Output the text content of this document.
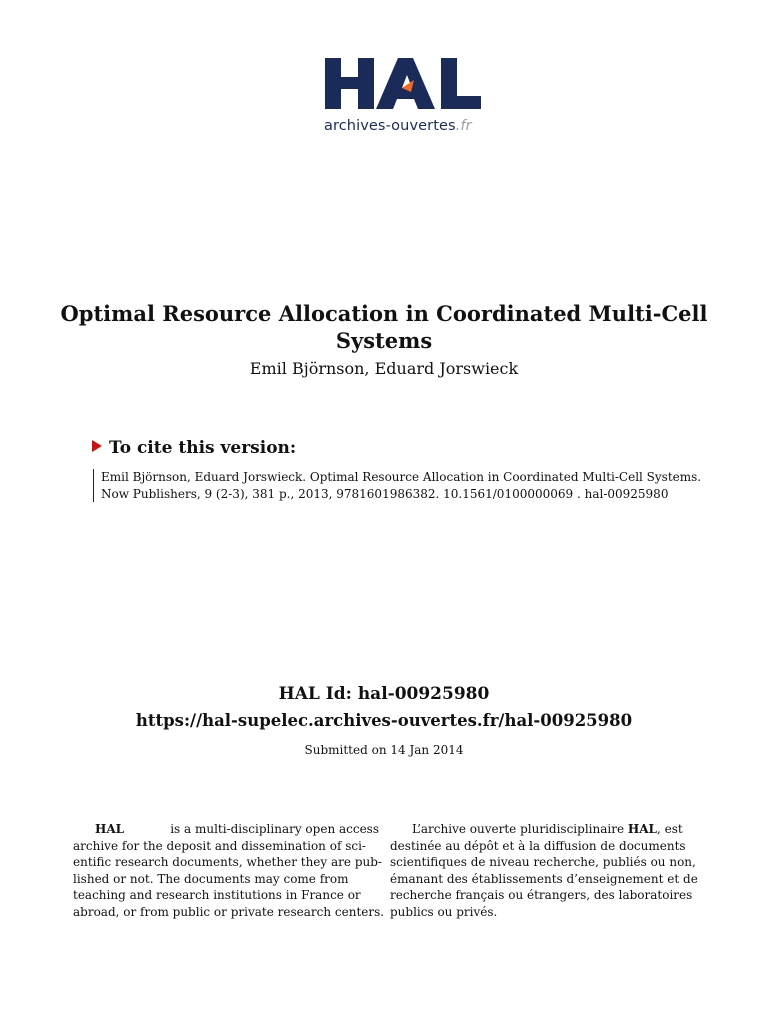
archives-ouvertes.fr
Optimal Resource Allocation in Coordinated Multi-Cell
Systems
Emil Björnson, Eduard Jorswieck
To cite this version:
Emil Björnson, Eduard Jorswieck. Optimal Resource Allocation in Coordinated Multi-Cell Systems.
Now Publishers, 9 (2-3), 381 p., 2013, 9781601986382. 10.1561/0100000069 . hal-00925980
HAL Id: hal-00925980
https://hal-supelec.archives-ouvertes.fr/hal-00925980
Submitted on 14 Jan 2014
HAL	is a multi-disciplinary open access
archive for the deposit and dissemination of sci-
entific research documents, whether they are pub-
lished or not. The documents may come from
teaching and research institutions in France or
abroad, or from public or private research centers.
L’archive ouverte pluridisciplinaire HAL, est
destinée au dépôt et à la diffusion de documents
scientifiques de niveau recherche, publiés ou non,
émanant des établissements d’enseignement et de
recherche français ou étrangers, des laboratoires
publics ou privés.
